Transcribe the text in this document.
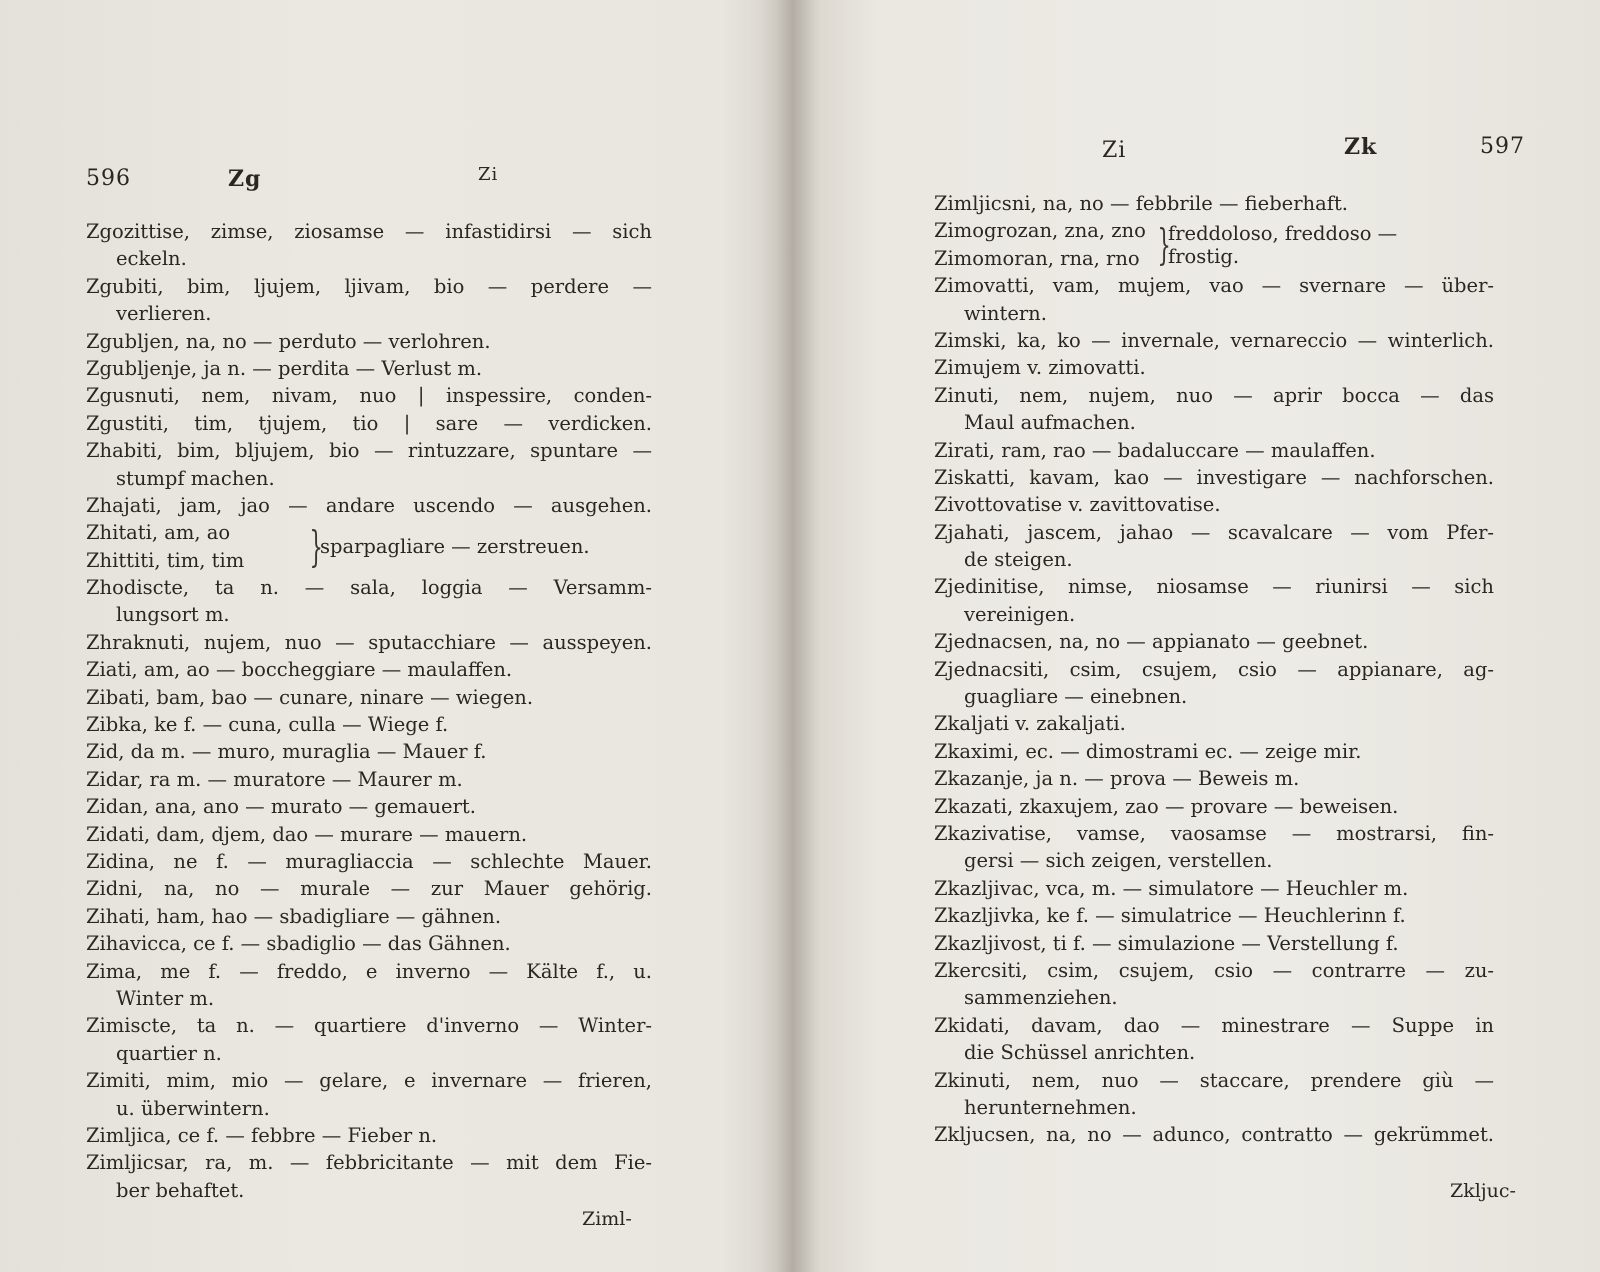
596	Zg	Zi
Zgozittise, zimse, ziosamse — infastidirsi — sich
eckeln.
Zgubiti, bim, ljujem, ljivam, bio — perdere —
verlieren.
Zgubljen, na, no — perduto — verlohren.
Zgubljenje, ja n. — perdita — Verlust m.
Zgusnuti, nem, nivam, nuo | inspessire, conden-
Zgustiti, tim, tjujem, tio | sare — verdicken.
Zhabiti, bim, bljujem, bio — rintuzzare, spuntare —
stumpf machen.
Zhajati, jam, jao — andare uscendo — ausgehen.
Zhitati, am, ao
Zhittiti, tim, tim	}
sparpagliare — zerstreuen.
Zhodiscte, ta n. — sala, loggia — Versamm-
lungsort m.
Zhraknuti, nujem, nuo — sputacchiare — ausspeyen.
Ziati, am, ao — boccheggiare — maulaffen.
Zibati, bam, bao — cunare, ninare — wiegen.
Zibka, ke f. — cuna, culla — Wiege f.
Zid, da m. — muro, muraglia — Mauer f.
Zidar, ra m. — muratore — Maurer m.
Zidan, ana, ano — murato — gemauert.
Zidati, dam, djem, dao — murare — mauern.
Zidina, ne f. — muragliaccia — schlechte Mauer.
Zidni, na, no — murale — zur Mauer gehörig.
Zihati, ham, hao — sbadigliare — gähnen.
Zihavicca, ce f. — sbadiglio — das Gähnen.
Zima, me f. — freddo, e inverno — Kälte f., u.
Winter m.
Zimiscte, ta n. — quartiere d'inverno — Winter-
quartier n.
Zimiti, mim, mio — gelare, e invernare — frieren,
u. überwintern.
Zimljica, ce f. — febbre — Fieber n.
Zimljicsar, ra, m. — febbricitante — mit dem Fie-
ber behaftet.
Ziml-
Zi	Zk	597
Zimljicsni, na, no — febbrile — fieberhaft.
Zimogrozan, zna, zno
Zimomoran, rna, rno }
freddoloso, freddoso —
frostig.
Zimovatti, vam, mujem, vao — svernare — über-
wintern.
Zimski, ka, ko — invernale, vernareccio — winterlich.
Zimujem v. zimovatti.
Zinuti, nem, nujem, nuo — aprir bocca — das
Maul aufmachen.
Zirati, ram, rao — badaluccare — maulaffen.
Ziskatti, kavam, kao — investigare — nachforschen.
Zivottovatise v. zavittovatise.
Zjahati, jascem, jahao — scavalcare — vom Pfer-
de steigen.
Zjedinitise, nimse, niosamse — riunirsi — sich
vereinigen.
Zjednacsen, na, no — appianato — geebnet.
Zjednacsiti, csim, csujem, csio — appianare, ag-
guagliare — einebnen.
Zkaljati v. zakaljati.
Zkaximi, ec. — dimostrami ec. — zeige mir.
Zkazanje, ja n. — prova — Beweis m.
Zkazati, zkaxujem, zao — provare — beweisen.
Zkazivatise, vamse, vaosamse — mostrarsi, fin-
gersi — sich zeigen, verstellen.
Zkazljivac, vca, m. — simulatore — Heuchler m.
Zkazljivka, ke f. — simulatrice — Heuchlerinn f.
Zkazljivost, ti f. — simulazione — Verstellung f.
Zkercsiti, csim, csujem, csio — contrarre — zu-
sammenziehen.
Zkidati, davam, dao — minestrare — Suppe in
die Schüssel anrichten.
Zkinuti, nem, nuo — staccare, prendere giù —
herunternehmen.
Zkljucsen, na, no — adunco, contratto — gekrümmet.
Zkljuc-
